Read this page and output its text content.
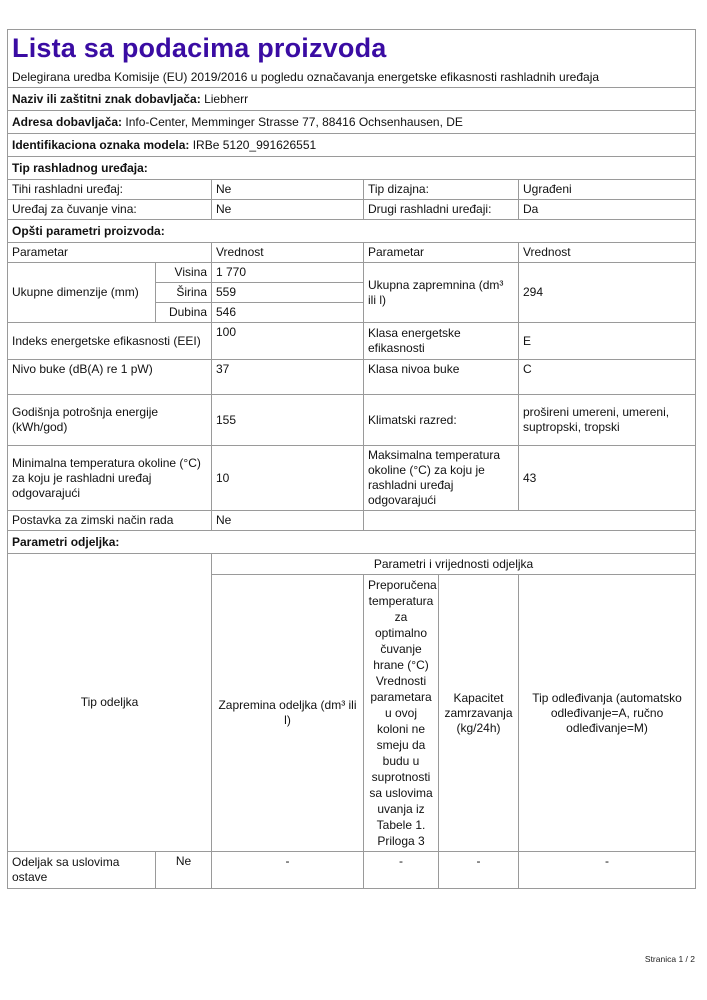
Lista sa podacima proizvoda
Delegirana uredba Komisije (EU) 2019/2016 u pogledu označavanja energetske efikasnosti rashladnih uređaja					

Naziv ili zaštitni znak dobavljača: Liebherr					
Adresa dobavljača: Info-Center, Memminger Strasse 77, 88416 Ochsenhausen, DE					
Identifikaciona oznaka modela: IRBe 5120_991626551					
Tip rashladnog uređaja:					
Tihi rashladni uređaj:		Ne	Tip dizajna:		Ugrađeni
Uređaj za čuvanje vina:		Ne	Drugi rashladni uređaji:		Da
Opšti parametri proizvoda:					
Parametar		Vrednost	Parametar		Vrednost
Ukupne dimenzije (mm)	Visina	1 770	Ukupna zapremnina (dm³ ili l)		294
	Širina	559			
	Dubina	546			
Indeks energetske efikasnosti (EEI)		100	Klasa energetske efikasnosti		E
Nivo buke (dB(A) re 1 pW)		37	Klasa nivoa buke		C
Godišnja potrošnja energije (kWh/god)		155	Klimatski razred:		prošireni umereni, umereni, suptropski, tropski
Minimalna temperatura okoline (°C) za koju je rashladni uređaj odgovarajući		10	Maksimalna temperatura okoline (°C) za koju je rashladni uređaj odgovarajući		43
Postavka za zimski način rada		Ne			
Parametri odjeljka:					
Tip odeljka		Parametri i vrijednosti odjeljka			
		Zapremina odeljka (dm³ ili l)	Preporučena temperatura za optimalno čuvanje hrane (°C) Vrednosti parametara u ovoj koloni ne smeju da budu u suprotnosti sa uslovima uvanja iz Tabele 1. Priloga 3	Kapacitet zamrzavanja (kg/24h)	Tip odleđivanja (automatsko odleđivanje=A, ručno odleđivanje=M)
Odeljak sa uslovima ostave	Ne	-	-	-	-
Stranica 1 / 2
